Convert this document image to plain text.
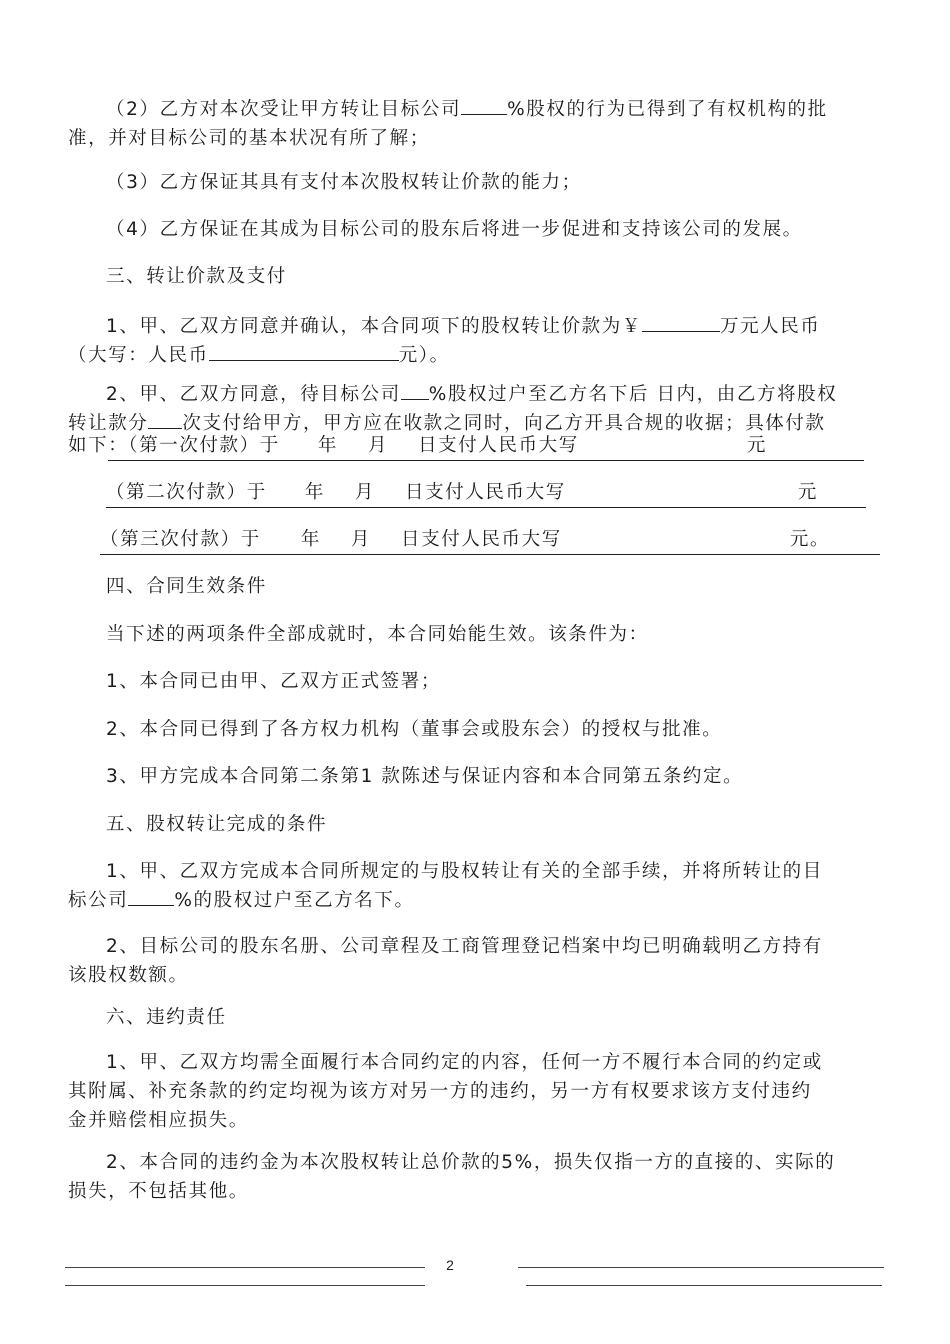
（2）乙方对本次受让甲方转让目标公司 %股权的行为已得到了有权机构的批
准，并对目标公司的基本状况有所了解；
（3）乙方保证其具有支付本次股权转让价款的能力；
（4）乙方保证在其成为目标公司的股东后将进一步促进和支持该公司的发展。
三、转让价款及支付
1、甲、乙双方同意并确认，本合同项下的股权转让价款为￥	万元人民币
（大写：人民币	元）。
2、甲、乙双方同意，待目标公司 %股权过户至乙方名下后 日内，由乙方将股权
转让款分 次支付给甲方，甲方应在收款之同时，向乙方开具合规的收据；具体付款
如下：（第一次付款）于 年 月 日支付人民币大写	元
（第二次付款）于 年 月 日支付人民币大写	元
（第三次付款）于 年 月 日支付人民币大写	元。
四、合同生效条件
当下述的两项条件全部成就时，本合同始能生效。该条件为：
1、本合同已由甲、乙双方正式签署；
2、本合同已得到了各方权力机构（董事会或股东会）的授权与批准。
3、甲方完成本合同第二条第1 款陈述与保证内容和本合同第五条约定。
五、股权转让完成的条件
1、甲、乙双方完成本合同所规定的与股权转让有关的全部手续，并将所转让的目
标公司 %的股权过户至乙方名下。
2、目标公司的股东名册、公司章程及工商管理登记档案中均已明确载明乙方持有
该股权数额。
六、违约责任
1、甲、乙双方均需全面履行本合同约定的内容，任何一方不履行本合同的约定或
其附属、补充条款的约定均视为该方对另一方的违约，另一方有权要求该方支付违约
金并赔偿相应损失。
2、本合同的违约金为本次股权转让总价款的5%，损失仅指一方的直接的、实际的
损失，不包括其他。
2
